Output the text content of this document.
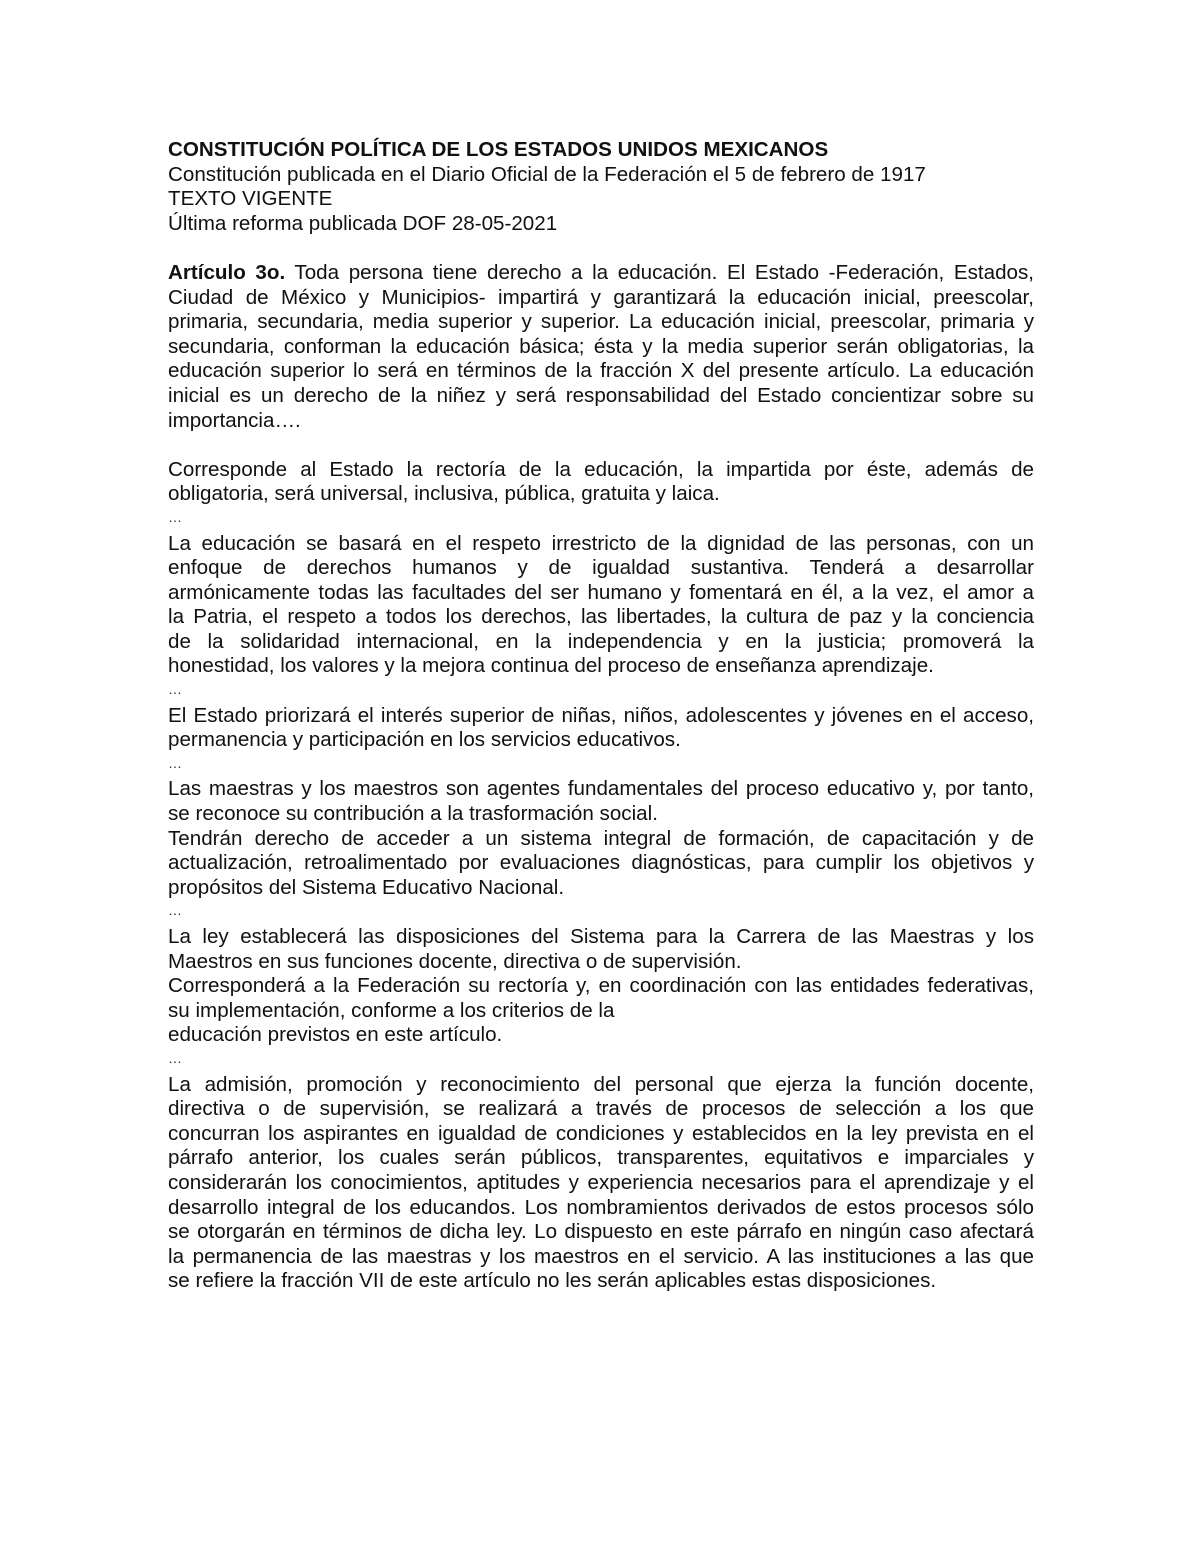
CONSTITUCIÓN POLÍTICA DE LOS ESTADOS UNIDOS MEXICANOS
Constitución publicada en el Diario Oficial de la Federación el 5 de febrero de 1917
TEXTO VIGENTE
Última reforma publicada DOF 28-05-2021
Artículo 3o. Toda persona tiene derecho a la educación. El Estado -Federación, Estados,
Ciudad de México y Municipios- impartirá y garantizará la educación inicial, preescolar,
primaria, secundaria, media superior y superior. La educación inicial, preescolar, primaria y
secundaria, conforman la educación básica; ésta y la media superior serán obligatorias, la
educación superior lo será en términos de la fracción X del presente artículo. La educación
inicial es un derecho de la niñez y será responsabilidad del Estado concientizar sobre su
importancia….
Corresponde al Estado la rectoría de la educación, la impartida por éste, además de
obligatoria, será universal, inclusiva, pública, gratuita y laica.
…
La educación se basará en el respeto irrestricto de la dignidad de las personas, con un
enfoque de derechos humanos y de igualdad sustantiva. Tenderá a desarrollar
armónicamente todas las facultades del ser humano y fomentará en él, a la vez, el amor a
la Patria, el respeto a todos los derechos, las libertades, la cultura de paz y la conciencia
de la solidaridad internacional, en la independencia y en la justicia; promoverá la
honestidad, los valores y la mejora continua del proceso de enseñanza aprendizaje.
…
El Estado priorizará el interés superior de niñas, niños, adolescentes y jóvenes en el acceso,
permanencia y participación en los servicios educativos.
…
Las maestras y los maestros son agentes fundamentales del proceso educativo y, por tanto,
se reconoce su contribución a la trasformación social.
Tendrán derecho de acceder a un sistema integral de formación, de capacitación y de
actualización, retroalimentado por evaluaciones diagnósticas, para cumplir los objetivos y
propósitos del Sistema Educativo Nacional.
…
La ley establecerá las disposiciones del Sistema para la Carrera de las Maestras y los
Maestros en sus funciones docente, directiva o de supervisión.
Corresponderá a la Federación su rectoría y, en coordinación con las entidades federativas,
su implementación, conforme a los criterios de la
educación previstos en este artículo.
…
La admisión, promoción y reconocimiento del personal que ejerza la función docente,
directiva o de supervisión, se realizará a través de procesos de selección a los que
concurran los aspirantes en igualdad de condiciones y establecidos en la ley prevista en el
párrafo anterior, los cuales serán públicos, transparentes, equitativos e imparciales y
considerarán los conocimientos, aptitudes y experiencia necesarios para el aprendizaje y el
desarrollo integral de los educandos. Los nombramientos derivados de estos procesos sólo
se otorgarán en términos de dicha ley. Lo dispuesto en este párrafo en ningún caso afectará
la permanencia de las maestras y los maestros en el servicio. A las instituciones a las que
se refiere la fracción VII de este artículo no les serán aplicables estas disposiciones.
